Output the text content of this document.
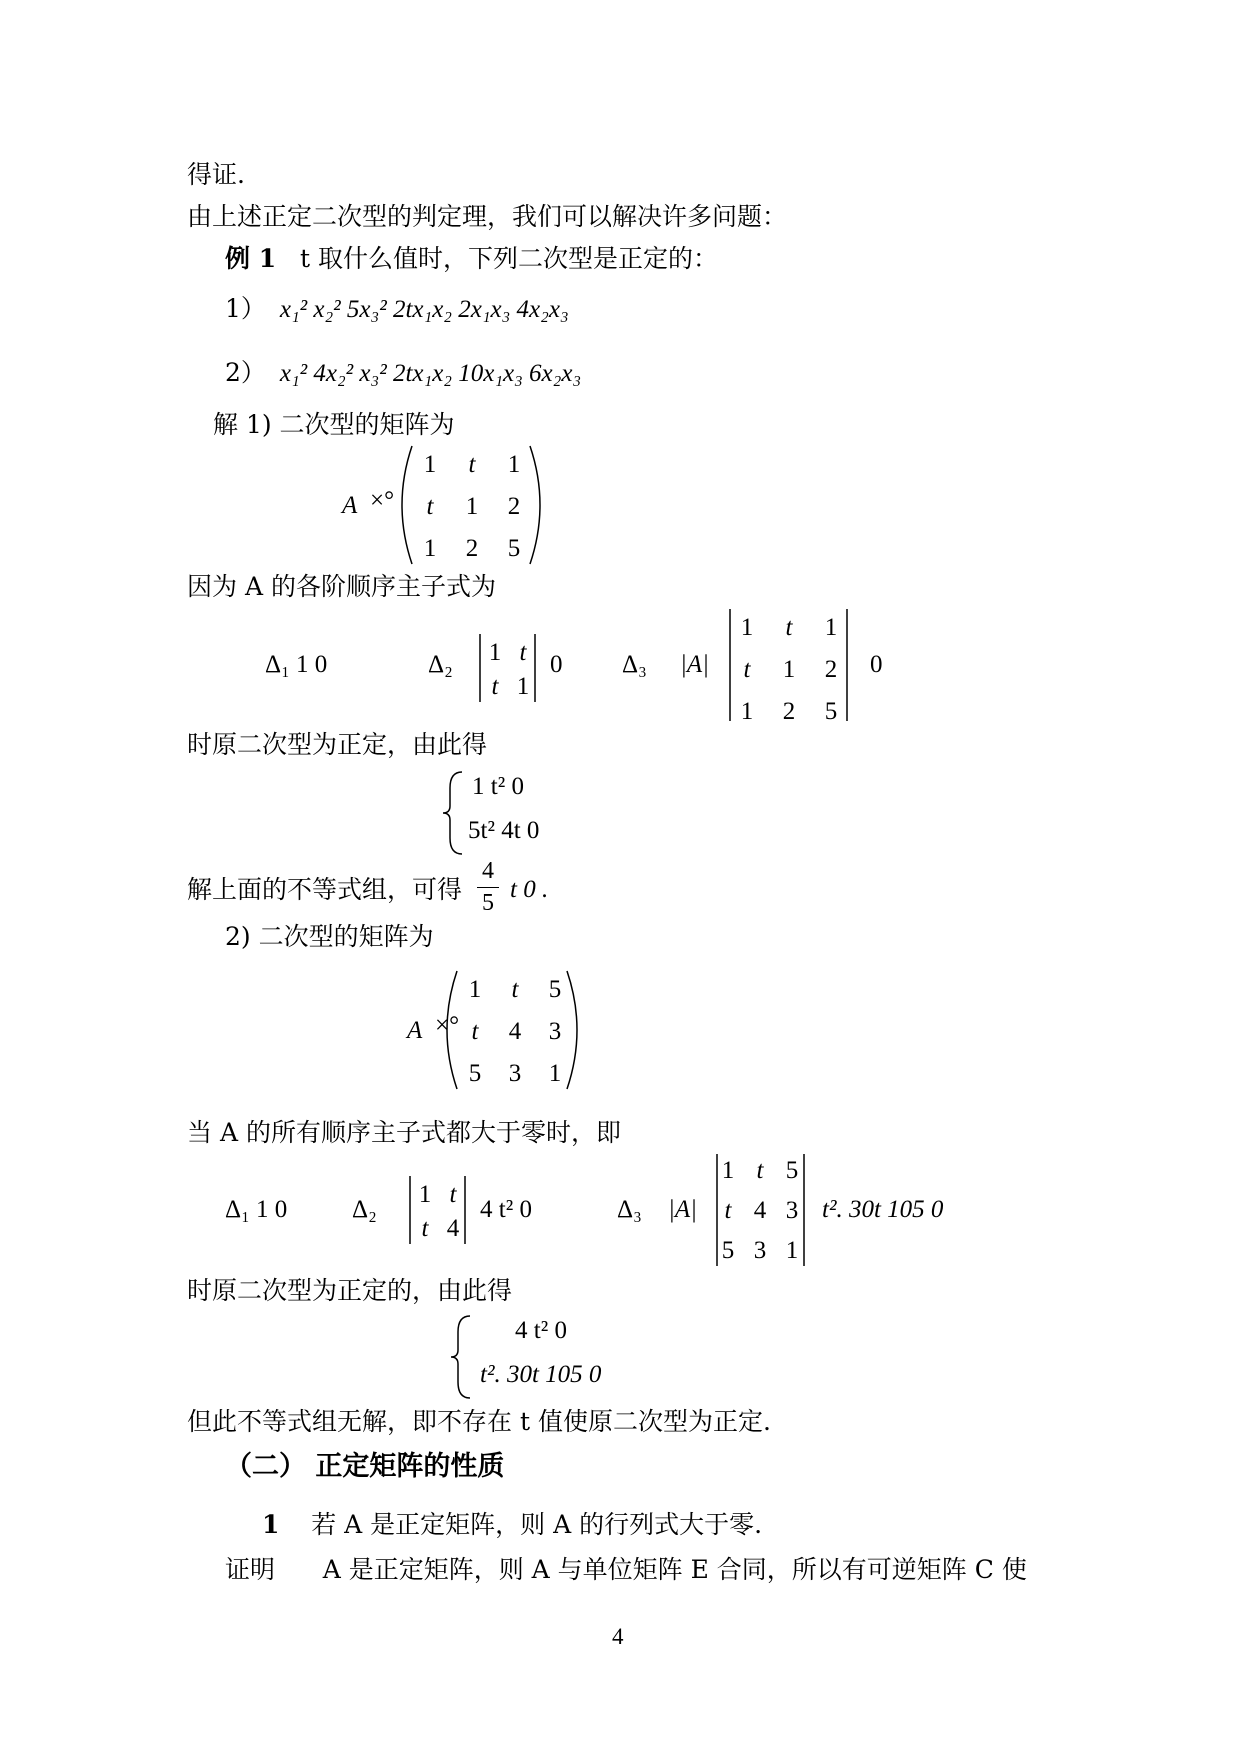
得证.
由上述正定二次型的判定理，我们可以解决许多问题：
例 1 t 取什么值时，下列二次型是正定的：
1） x₁² x₂² 5x₃² 2tx₁x₂ 2x₁x₃ 4x₂x₃
2） x₁² 4x₂² x₃² 2tx₁x₂ 10x₁x₃ 6x₂x₃
解 1) 二次型的矩阵为
A ×°
1 t 1
t 1 2
1 2 5
因为 A 的各阶顺序主子式为
Δ₁ 1 0	Δ₂ 1 t
t 1
0 Δ₃ |A|
1 t 1
t 1 2
1 2 5
0
时原二次型为正定，由此得
1 t² 0
5t² 4t 0
解上面的不等式组，可得
4
5 t 0 .
2) 二次型的矩阵为
A ×°
1 t 5
t 4 3
5 3 1
当 A 的所有顺序主子式都大于零时，即
Δ₁ 1 0	Δ₂
1 t
t 4
4 t² 0	Δ₃ |A|
1 t 5
t 4 3
5 3 1
t². 30t 105 0
时原二次型为正定的，由此得
4 t² 0
t². 30t 105 0
但此不等式组无解，即不存在 t 值使原二次型为正定.
（二） 正定矩阵的性质
1 若 A 是正定矩阵，则 A 的行列式大于零.
证明 A 是正定矩阵，则 A 与单位矩阵 E 合同，所以有可逆矩阵 C 使
4
